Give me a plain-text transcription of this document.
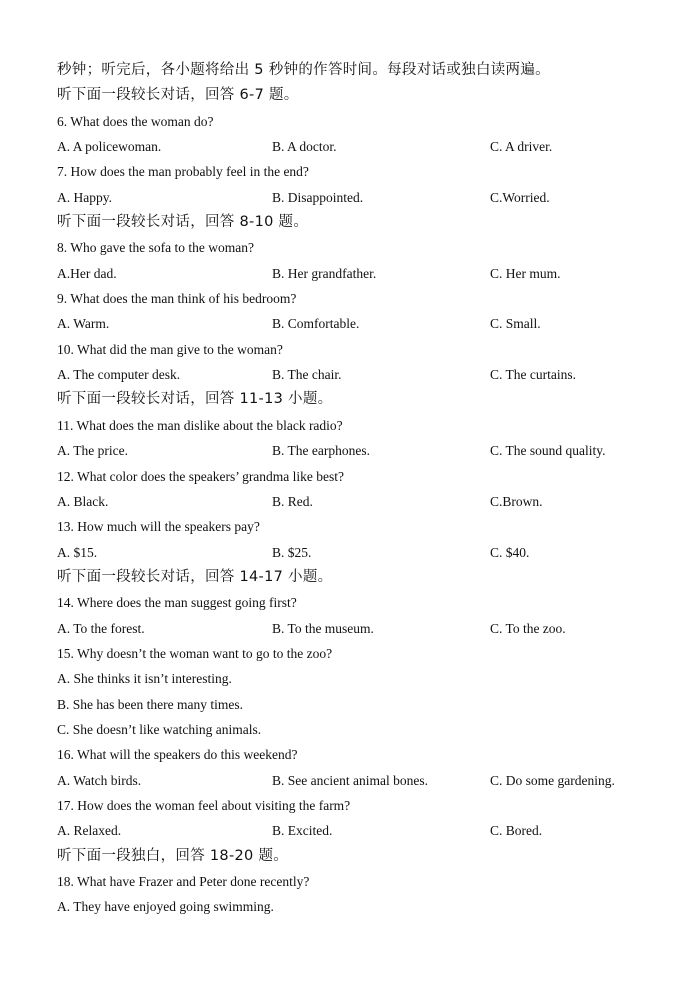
秒钟；听完后，各小题将给出 5 秒钟的作答时间。每段对话或独白读两遍。
听下面一段较长对话，回答 6-7 题。
6. What does the woman do?
A. A policewoman.	B. A doctor.	C. A driver.
7. How does the man probably feel in the end?
A. Happy.	B. Disappointed.	C.Worried.
听下面一段较长对话，回答 8-10 题。
8. Who gave the sofa to the woman?
A.Her dad.	B. Her grandfather.	C. Her mum.
9. What does the man think of his bedroom?
A. Warm.	B. Comfortable.	C. Small.
10. What did the man give to the woman?
A. The computer desk.	B. The chair.	C. The curtains.
听下面一段较长对话，回答 11-13 小题。
11. What does the man dislike about the black radio?
A. The price.	B. The earphones.	C. The sound quality.
12. What color does the speakers’ grandma like best?
A. Black.	B. Red.	C.Brown.
13. How much will the speakers pay?
A. $15.	B. $25.	C. $40.
听下面一段较长对话，回答 14-17 小题。
14. Where does the man suggest going first?
A. To the forest.	B. To the museum.	C. To the zoo.
15. Why doesn’t the woman want to go to the zoo?
A. She thinks it isn’t interesting.
B. She has been there many times.
C. She doesn’t like watching animals.
16. What will the speakers do this weekend?
A. Watch birds.	B. See ancient animal bones.	C. Do some gardening.
17. How does the woman feel about visiting the farm?
A. Relaxed.	B. Excited.	C. Bored.
听下面一段独白，回答 18-20 题。
18. What have Frazer and Peter done recently?
A. They have enjoyed going swimming.
